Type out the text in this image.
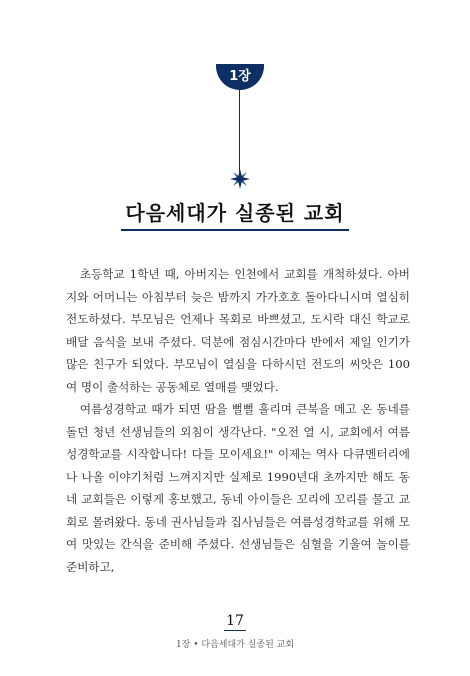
1장
다음세대가 실종된 교회

초등학교 1학년 때, 아버지는 인천에서 교회를 개척하셨다. 아버지와 어머니는 아침부터 늦은 밤까지 가가호호 돌아다니시며 열심히 전도하셨다. 부모님은 언제나 목회로 바쁘셨고, 도시락 대신 학교로 배달 음식을 보내 주셨다. 덕분에 점심시간마다 반에서 제일 인기가 많은 친구가 되었다. 부모님이 열심을 다하시던 전도의 씨앗은 100여 명이 출석하는 공동체로 열매를 맺었다.

여름성경학교 때가 되면 땀을 뻘뻘 흘리며 큰북을 메고 온 동네를 돌던 청년 선생님들의 외침이 생각난다. "오전 열 시, 교회에서 여름성경학교를 시작합니다! 다들 모이세요!" 이제는 역사 다큐멘터리에나 나올 이야기처럼 느껴지지만 실제로 1990년대 초까지만 해도 동네 교회들은 이렇게 홍보했고, 동네 아이들은 꼬리에 꼬리를 물고 교회로 몰려왔다. 동네 권사님들과 집사님들은 여름성경학교를 위해 모여 맛있는 간식을 준비해 주셨다. 선생님들은 심혈을 기울여 놀이를 준비하고,

17
1장 • 다음세대가 실종된 교회
